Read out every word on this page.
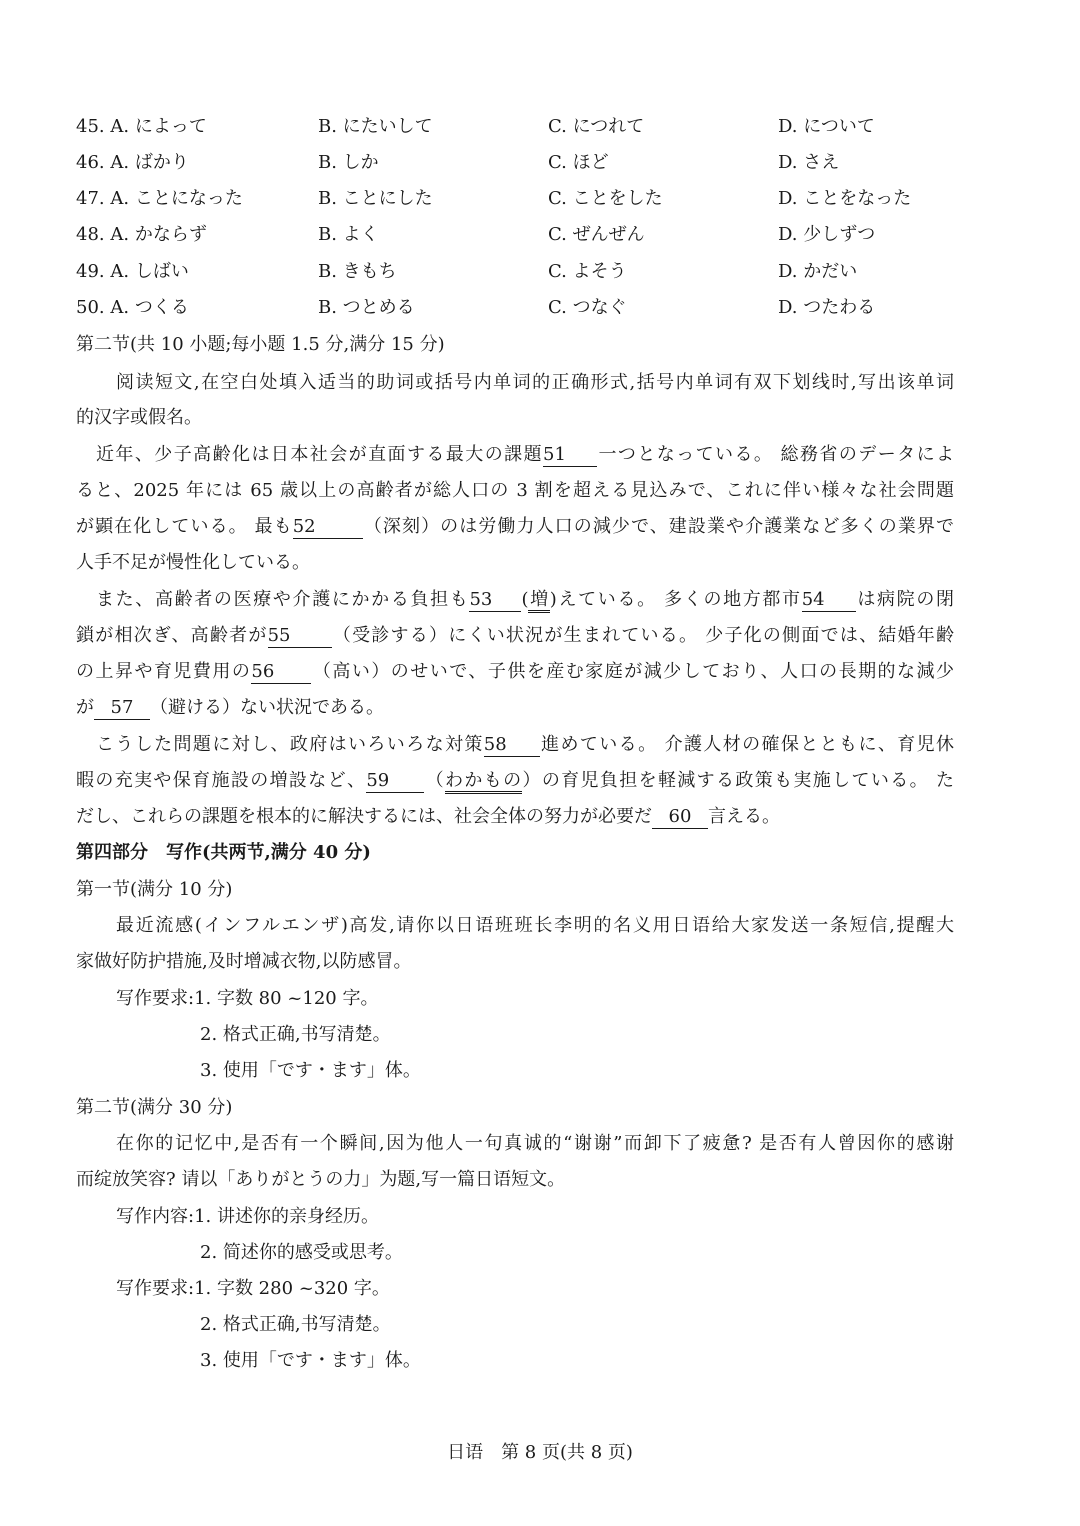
45. A. によって	B. にたいして	C. につれて	D. について
46. A. ばかり	B. しか	C. ほど	D. さえ
47. A. ことになった	B. ことにした	C. ことをした	D. ことをなった
48. A. かならず	B. よく	C. ぜんぜん	D. 少しずつ
49. A. しばい	B. きもち	C. よそう	D. かだい
50. A. つくる	B. つとめる	C. つなぐ	D. つたわる
第二节(共 10 小题;每小题 1.5 分,满分 15 分)
阅读短文,在空白处填入适当的助词或括号内单词的正确形式,括号内单词有双下划线时,写出该单词
的汉字或假名。
近年、少子高齢化は日本社会が直面する最大の課題51 一つとなっている。 総務省のデータによ
ると、2025 年には 65 歳以上の高齢者が総人口の 3 割を超える見込みで、これに伴い様々な社会問題
が顕在化している。 最も52	（深刻）のは労働力人口の減少で、建設業や介護業など多くの業界で
人手不足が慢性化している。
また、高齢者の医療や介護にかかる負担も53 (増)えている。 多くの地方都市54 は病院の閉
鎖が相次ぎ、高齢者が55 （受診する）にくい状況が生まれている。 少子化の側面では、結婚年齢
の上昇や育児費用の56 （高い）のせいで、子供を産む家庭が減少しており、人口の長期的な減少
が 57 （避ける）ない状況である。
こうした問題に対し、政府はいろいろな対策58 進めている。 介護人材の確保とともに、育児休
暇の充実や保育施設の増設など、59 （わかもの）の育児負担を軽減する政策も実施している。 た
だし、これらの課題を根本的に解決するには、社会全体の努力が必要だ 60 言える。
第四部分　写作(共两节,满分 40 分)
第一节(满分 10 分)
最近流感(インフルエンザ)高发,请你以日语班班长李明的名义用日语给大家发送一条短信,提醒大
家做好防护措施,及时增减衣物,以防感冒。
写作要求:1. 字数 80 ~120 字。
2. 格式正确,书写清楚。
3. 使用「です・ます」体。
第二节(满分 30 分)
在你的记忆中,是否有一个瞬间,因为他人一句真诚的“谢谢”而卸下了疲惫? 是否有人曾因你的感谢
而绽放笑容? 请以「ありがとうの力」为题,写一篇日语短文。
写作内容:1. 讲述你的亲身经历。
2. 简述你的感受或思考。
写作要求:1. 字数 280 ~320 字。
2. 格式正确,书写清楚。
3. 使用「です・ます」体。
日语　第 8 页(共 8 页)
